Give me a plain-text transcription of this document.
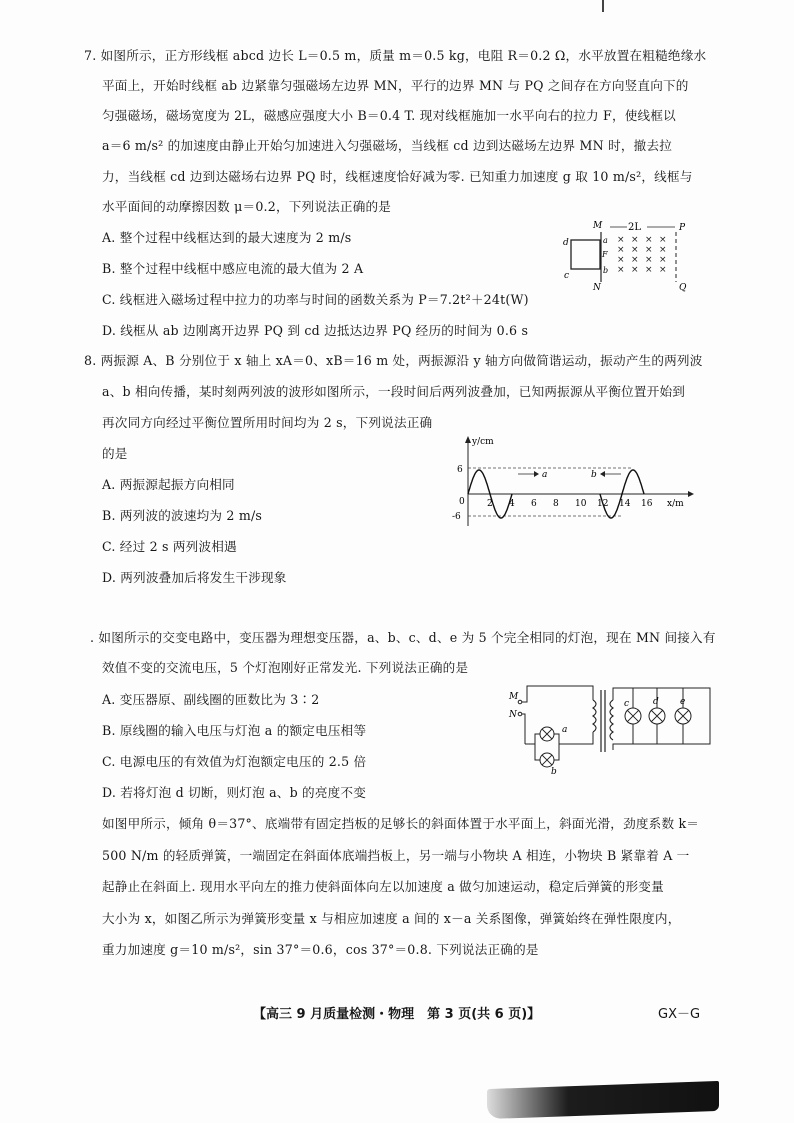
7. 如图所示，正方形线框 abcd 边长 L＝0.5 m，质量 m＝0.5 kg，电阻 R＝0.2 Ω，水平放置在粗糙绝缘水
平面上，开始时线框 ab 边紧靠匀强磁场左边界 MN，平行的边界 MN 与 PQ 之间存在方向竖直向下的
匀强磁场，磁场宽度为 2L，磁感应强度大小 B＝0.4 T. 现对线框施加一水平向右的拉力 F，使线框以
a＝6 m/s² 的加速度由静止开始匀加速进入匀强磁场，当线框 cd 边到达磁场左边界 MN 时，撤去拉
力，当线框 cd 边到达磁场右边界 PQ 时，线框速度恰好减为零. 已知重力加速度 g 取 10 m/s²，线框与
水平面间的动摩擦因数 μ＝0.2，下列说法正确的是
A. 整个过程中线框达到的最大速度为 2 m/s
B. 整个过程中线框中感应电流的最大值为 2 A
C. 线框进入磁场过程中拉力的功率与时间的函数关系为 P＝7.2t²＋24t(W)
D. 线框从 ab 边刚离开边界 PQ 到 cd 边抵达边界 PQ 经历的时间为 0.6 s
2L
M
N
P
Q
d
c
a
b
F
× × × ×
× × × ×
× × × ×
× × × ×
8. 两振源 A、B 分别位于 x 轴上 xA＝0、xB＝16 m 处，两振源沿 y 轴方向做简谐运动，振动产生的两列波
a、b 相向传播，某时刻两列波的波形如图所示，一段时间后两列波叠加，已知两振源从平衡位置开始到
再次同方向经过平衡位置所用时间均为 2 s，下列说法正确
的是
A. 两振源起振方向相同
B. 两列波的波速均为 2 m/s
C. 经过 2 s 两列波相遇
D. 两列波叠加后将发生干涉现象
y/cm
x/m
6
-6
0 2 4 6 8 10 12 14 16
a	b
. 如图所示的交变电路中，变压器为理想变压器，a、b、c、d、e 为 5 个完全相同的灯泡，现在 MN 间接入有
效值不变的交流电压，5 个灯泡刚好正常发光. 下列说法正确的是
A. 变压器原、副线圈的匝数比为 3∶2
B. 原线圈的输入电压与灯泡 a 的额定电压相等
C. 电源电压的有效值为灯泡额定电压的 2.5 倍
D. 若将灯泡 d 切断，则灯泡 a、b 的亮度不变
M
N
a
b
c	d e
如图甲所示，倾角 θ＝37°、底端带有固定挡板的足够长的斜面体置于水平面上，斜面光滑，劲度系数 k＝
500 N/m 的轻质弹簧，一端固定在斜面体底端挡板上，另一端与小物块 A 相连，小物块 B 紧靠着 A 一
起静止在斜面上. 现用水平向左的推力使斜面体向左以加速度 a 做匀加速运动，稳定后弹簧的形变量
大小为 x，如图乙所示为弹簧形变量 x 与相应加速度 a 间的 x－a 关系图像，弹簧始终在弹性限度内，
重力加速度 g＝10 m/s²，sin 37°＝0.6，cos 37°＝0.8. 下列说法正确的是
【高三 9 月质量检测・物理　第 3 页(共 6 页)】	GX－G
